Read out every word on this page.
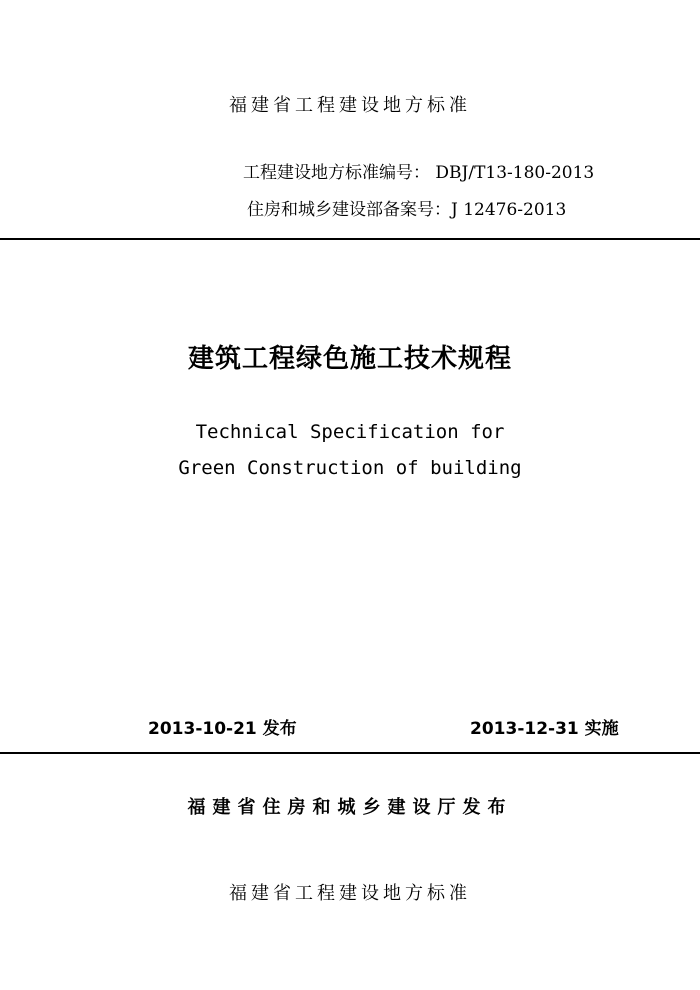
福建省工程建设地方标准
工程建设地方标准编号： DBJ/T13-180-2013
住房和城乡建设部备案号：J 12476-2013
建筑工程绿色施工技术规程
Technical Specification for
Green Construction of building
2013-10-21 发布	2013-12-31 实施
福建省住房和城乡建设厅发布
福建省工程建设地方标准
